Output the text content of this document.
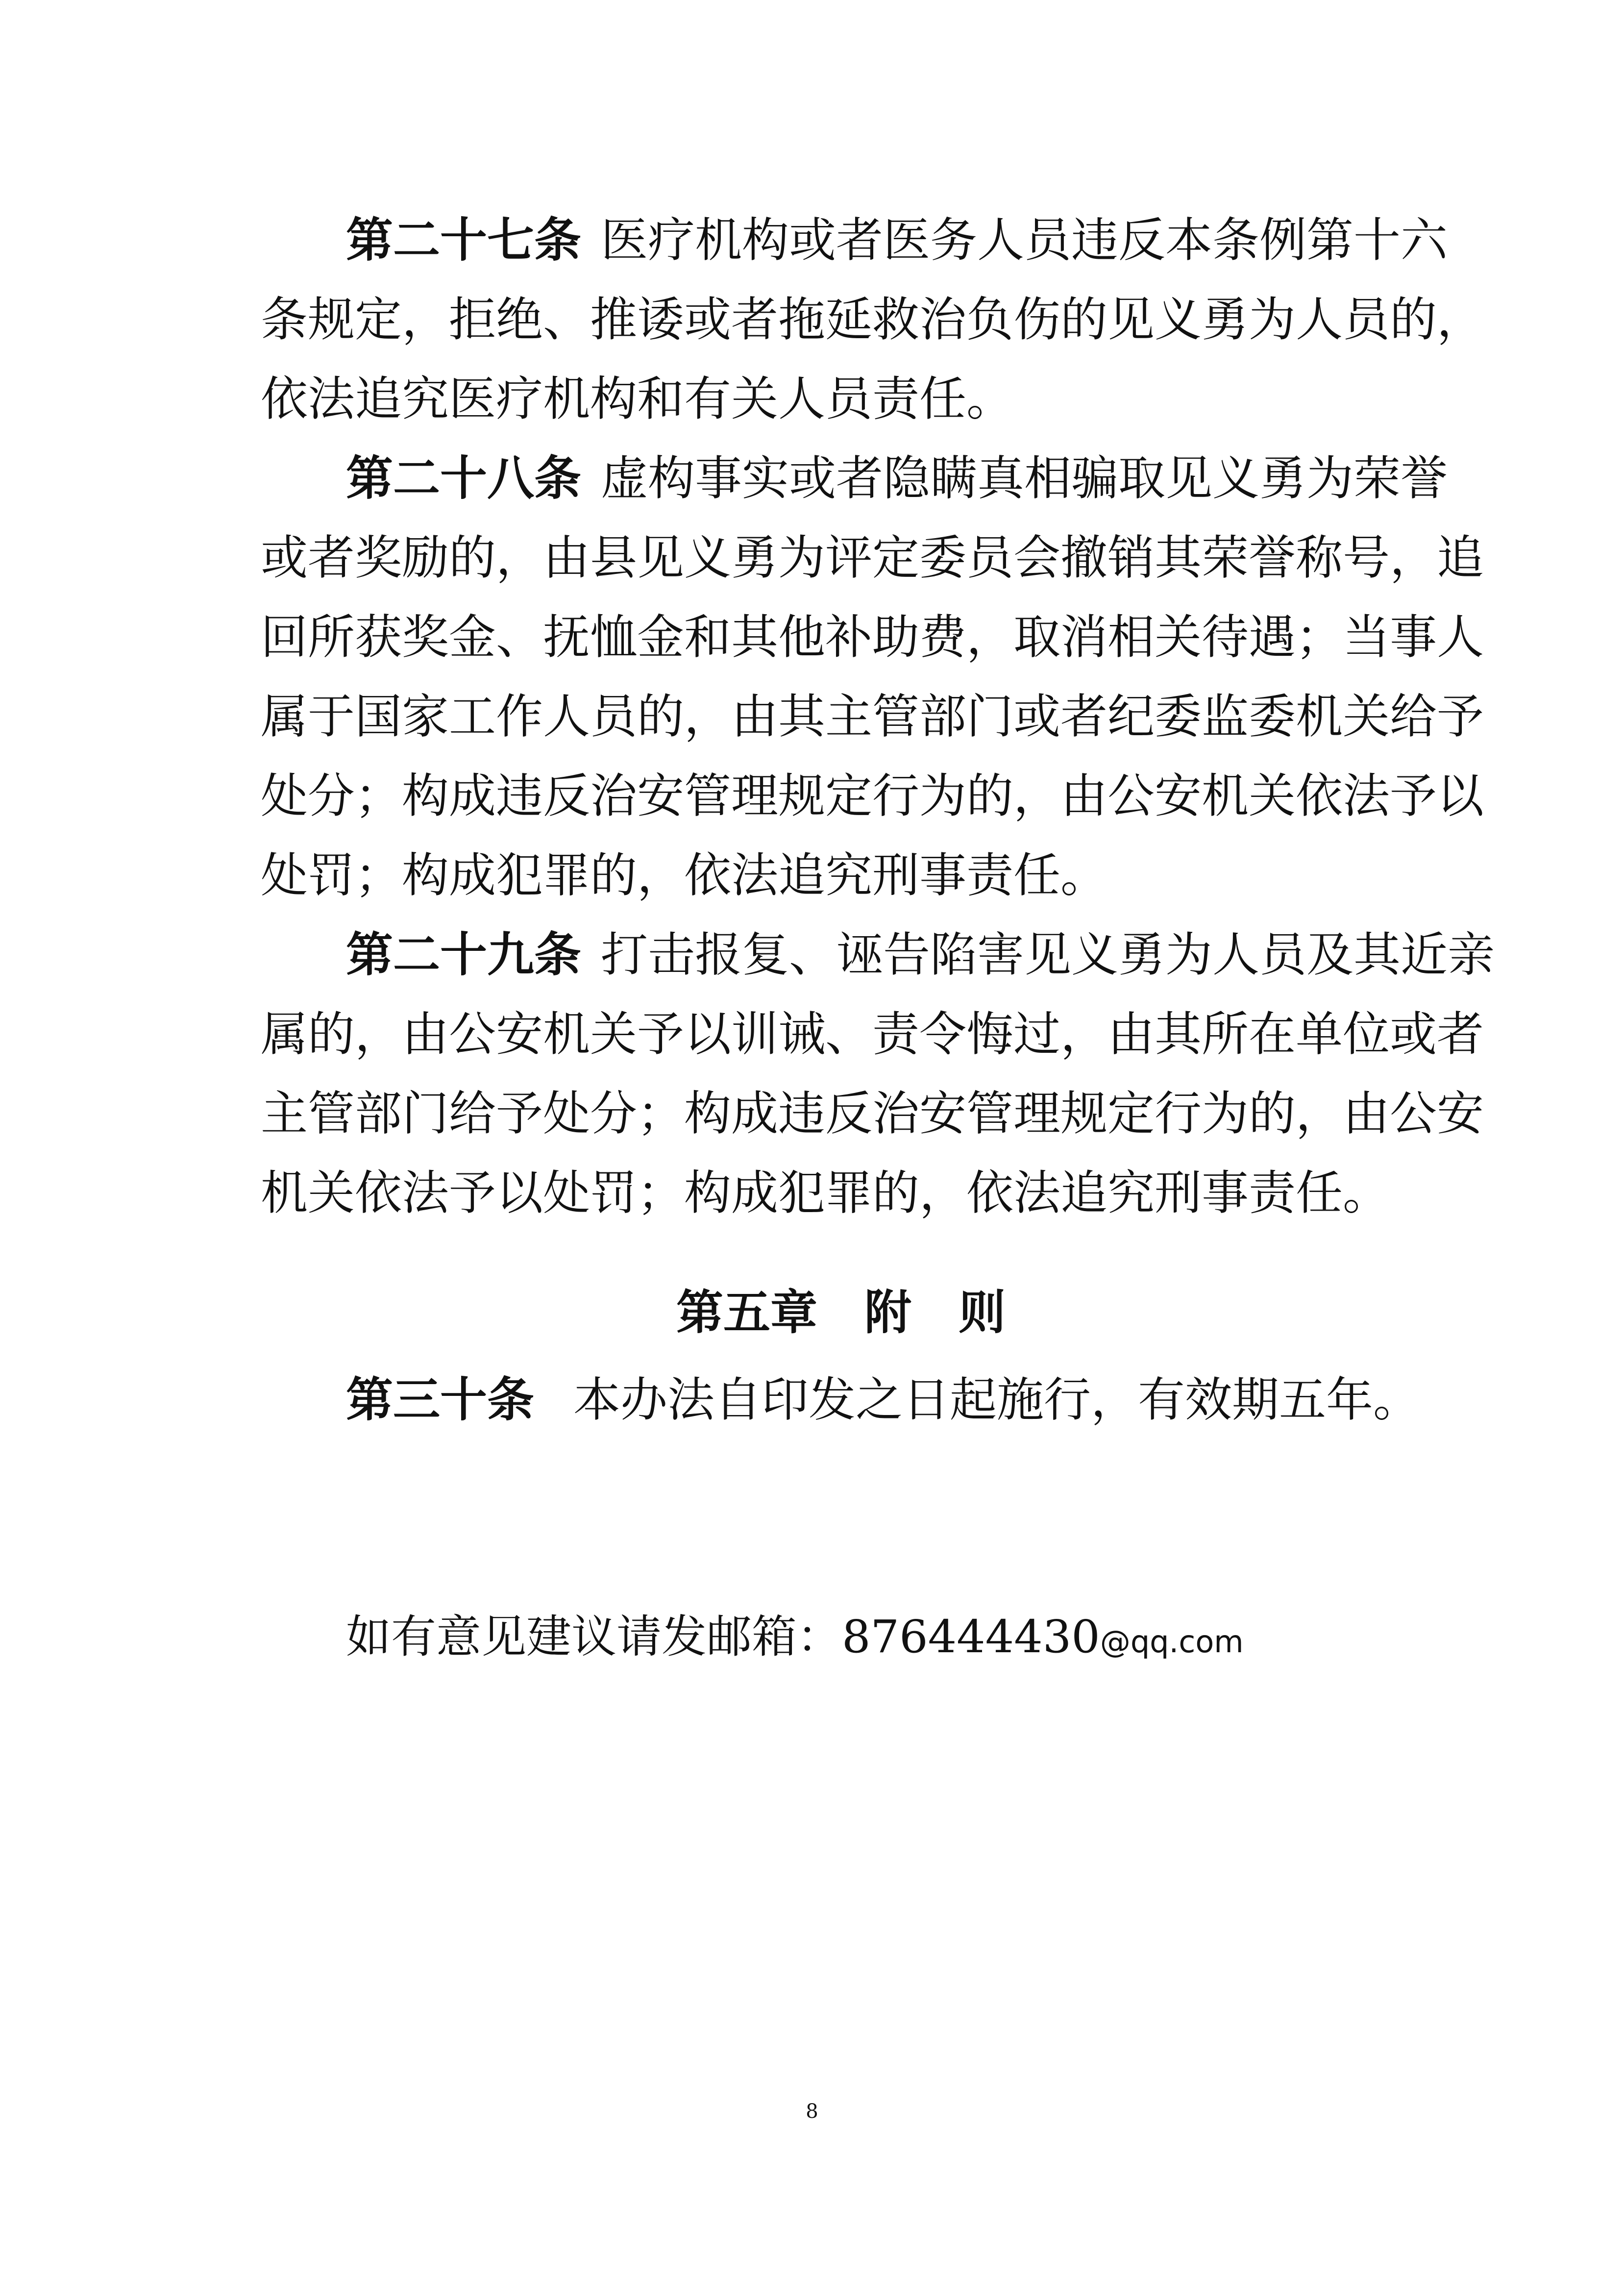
第二十七条 医疗机构或者医务人员违反本条例第十六
条规定，拒绝、推诿或者拖延救治负伤的见义勇为人员的，
依法追究医疗机构和有关人员责任。
第二十八条 虚构事实或者隐瞒真相骗取见义勇为荣誉
或者奖励的，由县见义勇为评定委员会撤销其荣誉称号，追
回所获奖金、抚恤金和其他补助费，取消相关待遇；当事人
属于国家工作人员的，由其主管部门或者纪委监委机关给予
处分；构成违反治安管理规定行为的，由公安机关依法予以
处罚；构成犯罪的，依法追究刑事责任。
第二十九条 打击报复、诬告陷害见义勇为人员及其近亲
属的，由公安机关予以训诫、责令悔过，由其所在单位或者
主管部门给予处分；构成违反治安管理规定行为的，由公安
机关依法予以处罚；构成犯罪的，依法追究刑事责任。
第五章　附　则
第三十条 本办法自印发之日起施行，有效期五年。
如有意见建议请发邮箱：876444430@qq.com
8
